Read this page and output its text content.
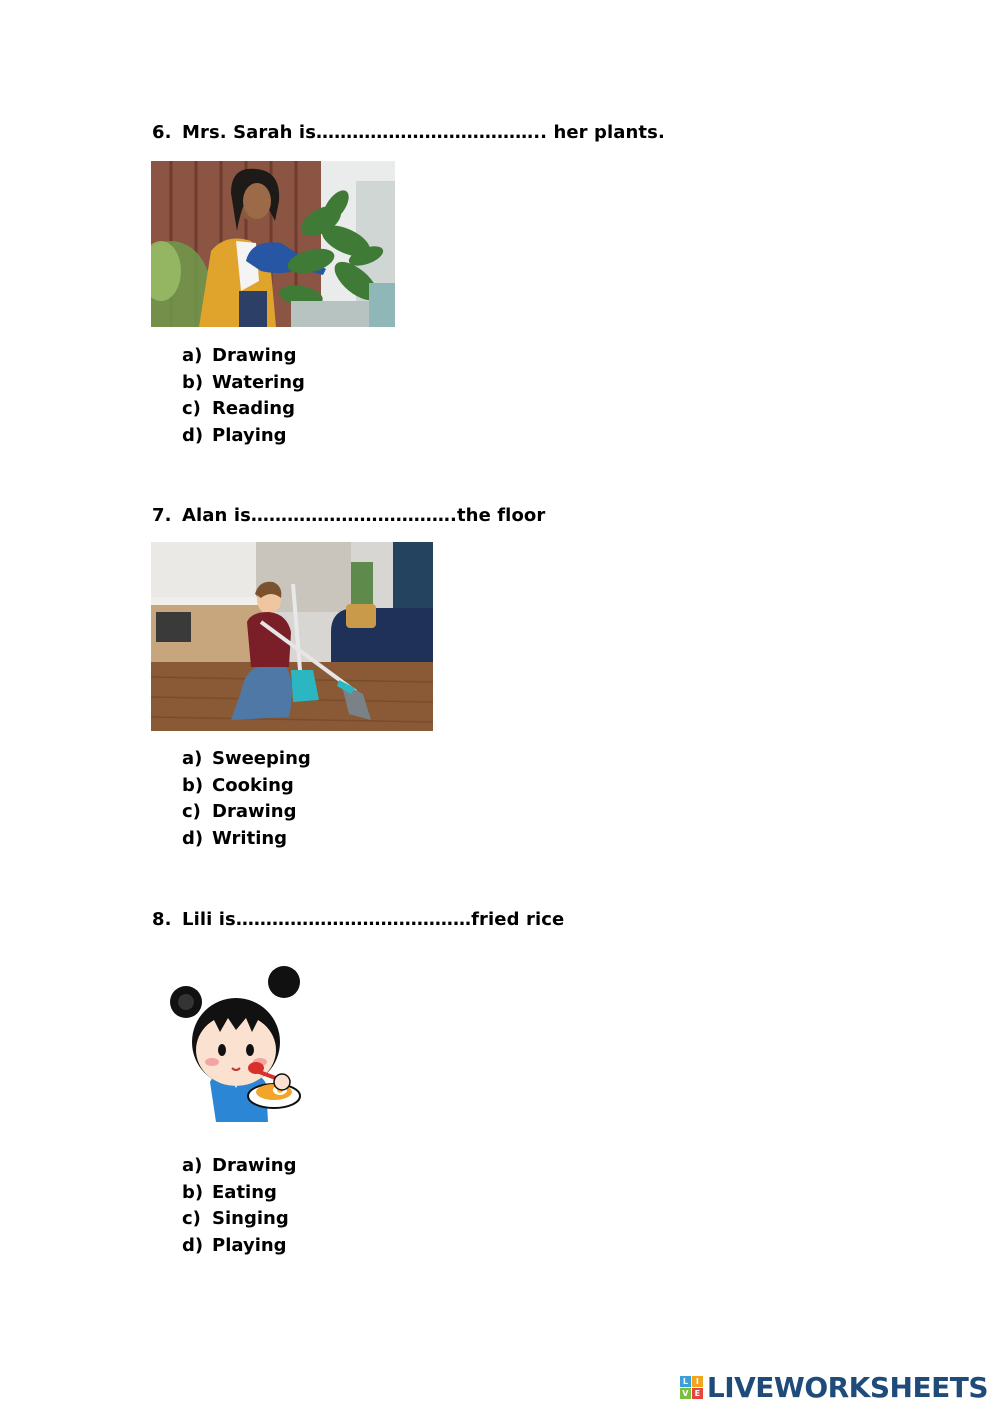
6. Mrs. Sarah is……………………………….. her plants.
a) Drawing
b) Watering
c) Reading
d) Playing
7. Alan is…………………………….the floor
a) Sweeping
b) Cooking
c) Drawing
d) Writing
8. Lili is…………………………………fried rice
a) Drawing
b) Eating
c) Singing
d) Playing
L I
V E LIVEWORKSHEETS
